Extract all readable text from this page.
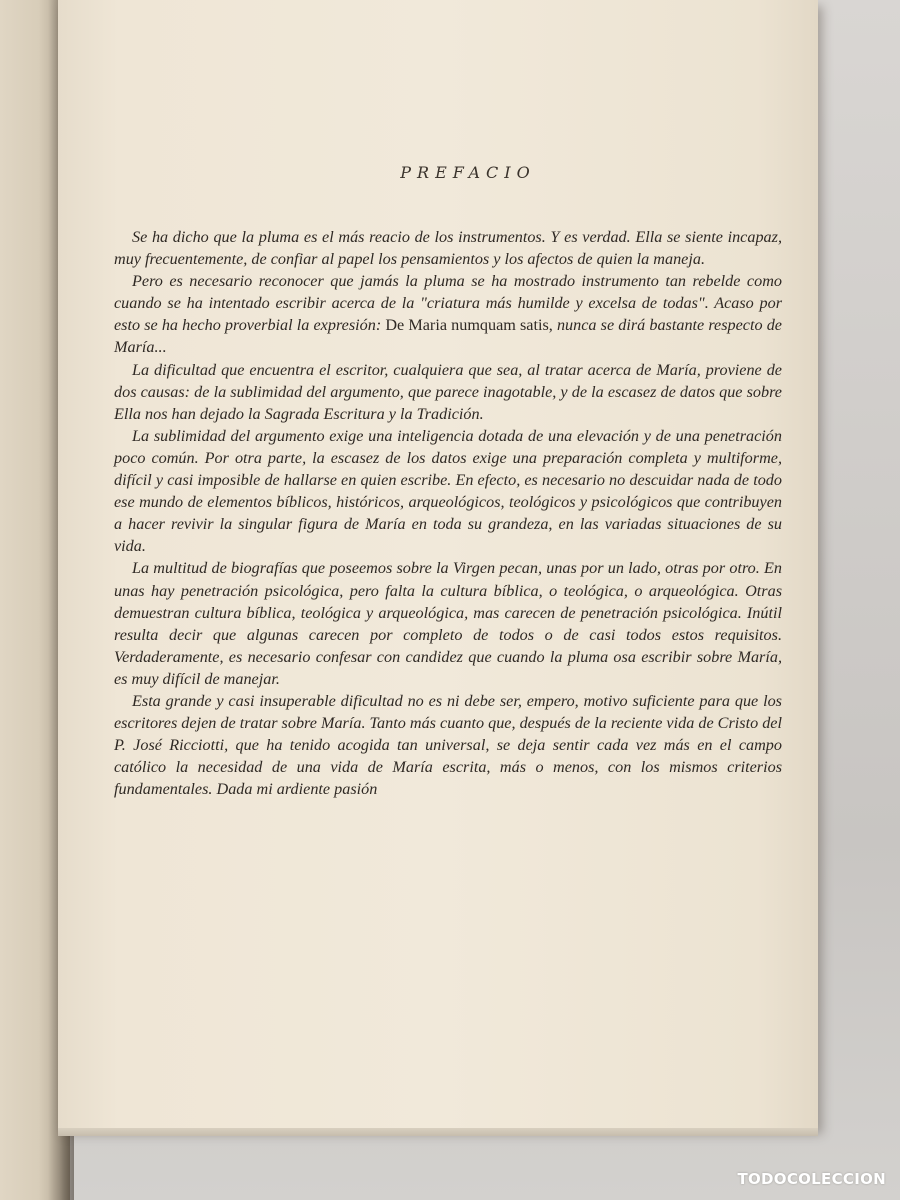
PREFACIO

Se ha dicho que la pluma es el más reacio de los instrumentos. Y es verdad. Ella se siente incapaz, muy frecuentemente, de confiar al papel los pensamientos y los afectos de quien la maneja.

Pero es necesario reconocer que jamás la pluma se ha mostrado instrumento tan rebelde como cuando se ha intentado escribir acerca de la "criatura más humilde y excelsa de todas". Acaso por esto se ha hecho proverbial la expresión: De Maria numquam satis, nunca se dirá bastante respecto de María...

La dificultad que encuentra el escritor, cualquiera que sea, al tratar acerca de María, proviene de dos causas: de la sublimidad del argumento, que parece inagotable, y de la escasez de datos que sobre Ella nos han dejado la Sagrada Escritura y la Tradición.

La sublimidad del argumento exige una inteligencia dotada de una elevación y de una penetración poco común. Por otra parte, la escasez de los datos exige una preparación completa y multiforme, difícil y casi imposible de hallarse en quien escribe. En efecto, es necesario no descuidar nada de todo ese mundo de elementos bíblicos, históricos, arqueológicos, teológicos y psicológicos que contribuyen a hacer revivir la singular figura de María en toda su grandeza, en las variadas situaciones de su vida.

La multitud de biografías que poseemos sobre la Virgen pecan, unas por un lado, otras por otro. En unas hay penetración psicológica, pero falta la cultura bíblica, o teológica, o arqueológica. Otras demuestran cultura bíblica, teológica y arqueológica, mas carecen de penetración psicológica. Inútil resulta decir que algunas carecen por completo de todos o de casi todos estos requisitos. Verdaderamente, es necesario confesar con candidez que cuando la pluma osa escribir sobre María, es muy difícil de manejar.

Esta grande y casi insuperable dificultad no es ni debe ser, empero, motivo suficiente para que los escritores dejen de tratar sobre María. Tanto más cuanto que, después de la reciente vida de Cristo del P. José Ricciotti, que ha tenido acogida tan universal, se deja sentir cada vez más en el campo católico la necesidad de una vida de María escrita, más o menos, con los mismos criterios fundamentales. Dada mi ardiente pasión

TODOCOLECCION
